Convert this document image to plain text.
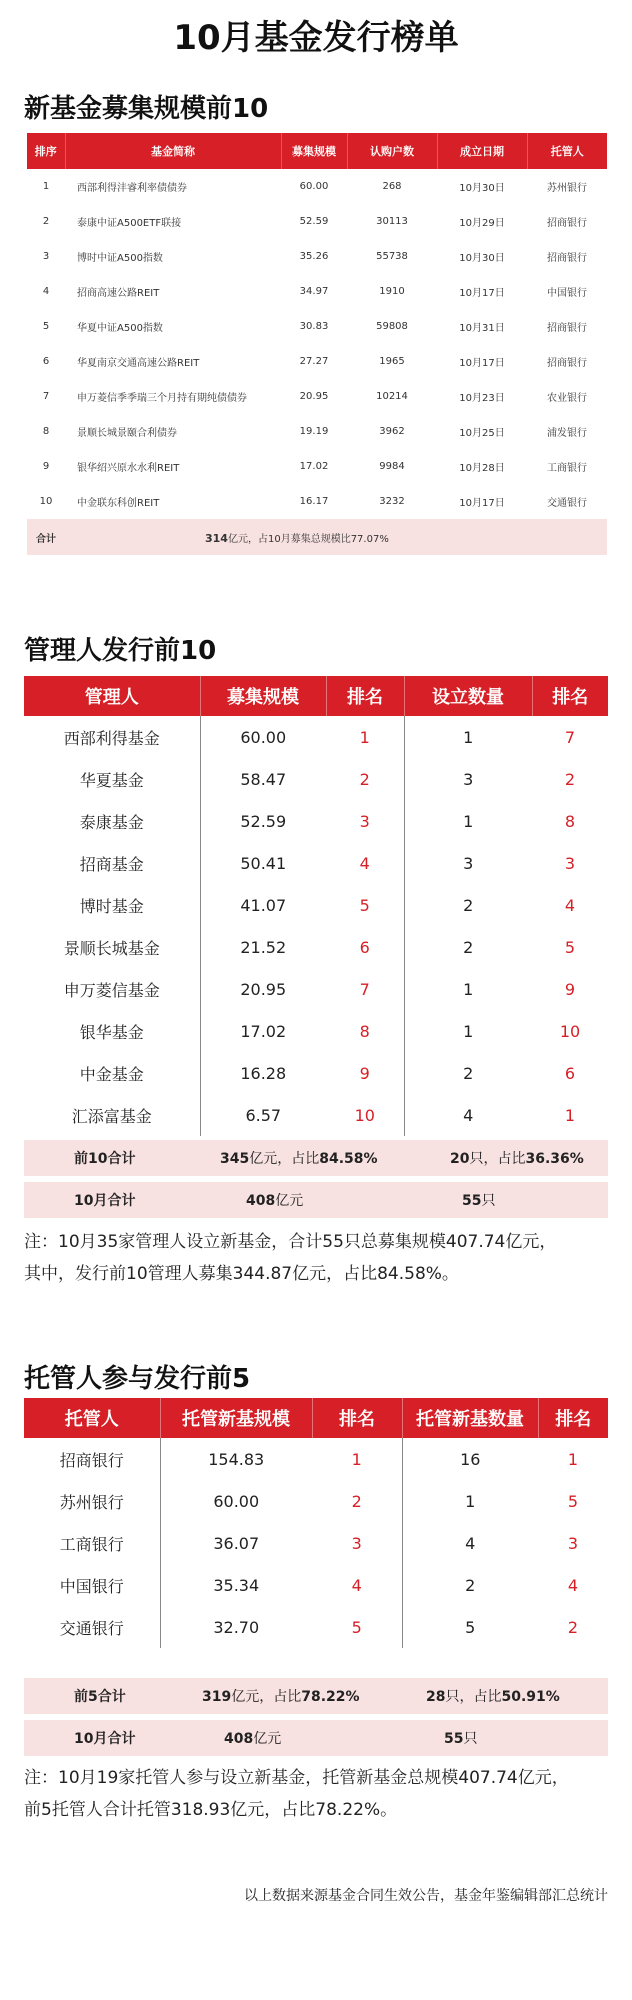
10月基金发行榜单
新基金募集规模前10
排序	基金简称	募集规模	认购户数	成立日期	托管人
1	西部利得沣睿利率债债券	60.00	268	10月30日	苏州银行
2	泰康中证A500ETF联接	52.59	30113	10月29日	招商银行
3	博时中证A500指数	35.26	55738	10月30日	招商银行
4	招商高速公路REIT	34.97	1910	10月17日	中国银行
5	华夏中证A500指数	30.83	59808	10月31日	招商银行
6	华夏南京交通高速公路REIT	27.27	1965	10月17日	招商银行
7	申万菱信季季瑞三个月持有期纯债债券	20.95	10214	10月23日	农业银行
8	景顺长城景颐合利债券	19.19	3962	10月25日	浦发银行
9	银华绍兴原水水利REIT	17.02	9984	10月28日	工商银行
10	中金联东科创REIT	16.17	3232	10月17日	交通银行
合计	314亿元，占10月募集总规模比77.07%				
管理人发行前10
管理人	募集规模	排名	设立数量	排名
西部利得基金	60.00	1	1	7
华夏基金	58.47	2	3	2
泰康基金	52.59	3	1	8
招商基金	50.41	4	3	3
博时基金	41.07	5	2	4
景顺长城基金	21.52	6	2	5
申万菱信基金	20.95	7	1	9
银华基金	17.02	8	1	10
中金基金	16.28	9	2	6
汇添富基金	6.57	10	4	1
前10合计	345亿元，占比84.58%	20只，占比36.36%
10月合计	408亿元	55只
注：10月35家管理人设立新基金，合计55只总募集规模407.74亿元，
其中，发行前10管理人募集344.87亿元，占比84.58%。
托管人参与发行前5
托管人	托管新基规模	排名	托管新基数量	排名
招商银行	154.83	1	16	1
苏州银行	60.00	2	1	5
工商银行	36.07	3	4	3
中国银行	35.34	4	2	4
交通银行	32.70	5	5	2
前5合计	319亿元，占比78.22%	28只，占比50.91%
10月合计	408亿元	55只
注：10月19家托管人参与设立新基金，托管新基金总规模407.74亿元，
前5托管人合计托管318.93亿元，占比78.22%。
以上数据来源基金合同生效公告，基金年鉴编辑部汇总统计
